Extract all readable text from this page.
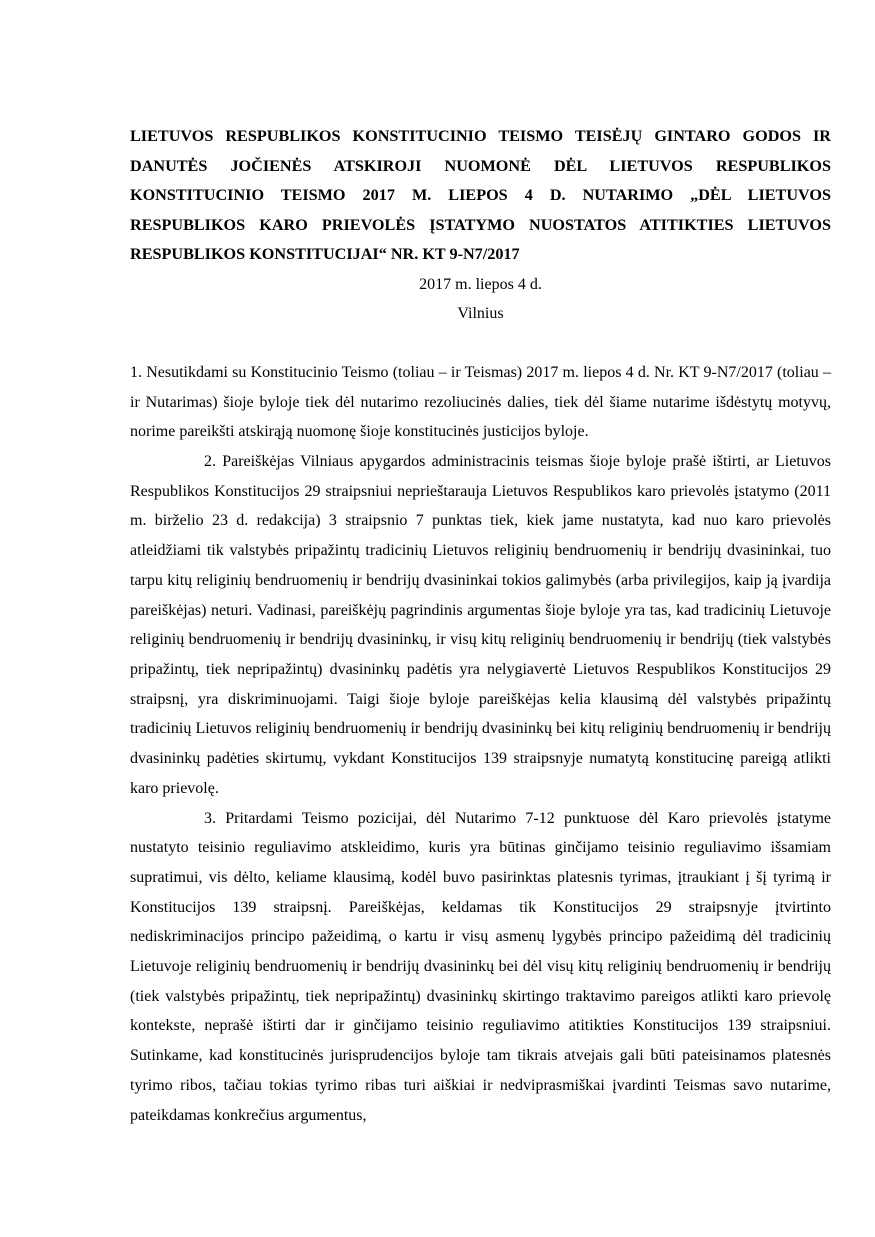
LIETUVOS RESPUBLIKOS KONSTITUCINIO TEISMO TEISĖJŲ GINTARO GODOS IR DANUTĖS JOČIENĖS ATSKIROJI NUOMONĖ DĖL LIETUVOS RESPUBLIKOS KONSTITUCINIO TEISMO 2017 M. LIEPOS 4 D. NUTARIMO „DĖL LIETUVOS RESPUBLIKOS KARO PRIEVOLĖS ĮSTATYMO NUOSTATOS ATITIKTIES LIETUVOS RESPUBLIKOS KONSTITUCIJAI“ NR. KT 9-N7/2017

2017 m. liepos 4 d.

Vilnius

1. Nesutikdami su Konstitucinio Teismo (toliau – ir Teismas) 2017 m. liepos 4 d. Nr. KT 9-N7/2017 (toliau – ir Nutarimas) šioje byloje tiek dėl nutarimo rezoliucinės dalies, tiek dėl šiame nutarime išdėstytų motyvų, norime pareikšti atskirąją nuomonę šioje konstitucinės justicijos byloje.

2. Pareiškėjas Vilniaus apygardos administracinis teismas šioje byloje prašė ištirti, ar Lietuvos Respublikos Konstitucijos 29 straipsniui neprieštarauja Lietuvos Respublikos karo prievolės įstatymo (2011 m. birželio 23 d. redakcija) 3 straipsnio 7 punktas tiek, kiek jame nustatyta, kad nuo karo prievolės atleidžiami tik valstybės pripažintų tradicinių Lietuvos religinių bendruomenių ir bendrijų dvasininkai, tuo tarpu kitų religinių bendruomenių ir bendrijų dvasininkai tokios galimybės (arba privilegijos, kaip ją įvardija pareiškėjas) neturi. Vadinasi, pareiškėjų pagrindinis argumentas šioje byloje yra tas, kad tradicinių Lietuvoje religinių bendruomenių ir bendrijų dvasininkų, ir visų kitų religinių bendruomenių ir bendrijų (tiek valstybės pripažintų, tiek nepripažintų) dvasininkų padėtis yra nelygiavertė Lietuvos Respublikos Konstitucijos 29 straipsnį, yra diskriminuojami. Taigi šioje byloje pareiškėjas kelia klausimą dėl valstybės pripažintų tradicinių Lietuvos religinių bendruomenių ir bendrijų dvasininkų bei kitų religinių bendruomenių ir bendrijų dvasininkų padėties skirtumų, vykdant Konstitucijos 139 straipsnyje numatytą konstitucinę pareigą atlikti karo prievolę.

3. Pritardami Teismo pozicijai, dėl Nutarimo 7-12 punktuose dėl Karo prievolės įstatyme nustatyto teisinio reguliavimo atskleidimo, kuris yra būtinas ginčijamo teisinio reguliavimo išsamiam supratimui, vis dėlto, keliame klausimą, kodėl buvo pasirinktas platesnis tyrimas, įtraukiant į šį tyrimą ir Konstitucijos 139 straipsnį. Pareiškėjas, keldamas tik Konstitucijos 29 straipsnyje įtvirtinto nediskriminacijos principo pažeidimą, o kartu ir visų asmenų lygybės principo pažeidimą dėl tradicinių Lietuvoje religinių bendruomenių ir bendrijų dvasininkų bei dėl visų kitų religinių bendruomenių ir bendrijų (tiek valstybės pripažintų, tiek nepripažintų) dvasininkų skirtingo traktavimo pareigos atlikti karo prievolę kontekste, neprašė ištirti dar ir ginčijamo teisinio reguliavimo atitikties Konstitucijos 139 straipsniui. Sutinkame, kad konstitucinės jurisprudencijos byloje tam tikrais atvejais gali būti pateisinamos platesnės tyrimo ribos, tačiau tokias tyrimo ribas turi aiškiai ir nedviprasmiškai įvardinti Teismas savo nutarime, pateikdamas konkrečius argumentus,
